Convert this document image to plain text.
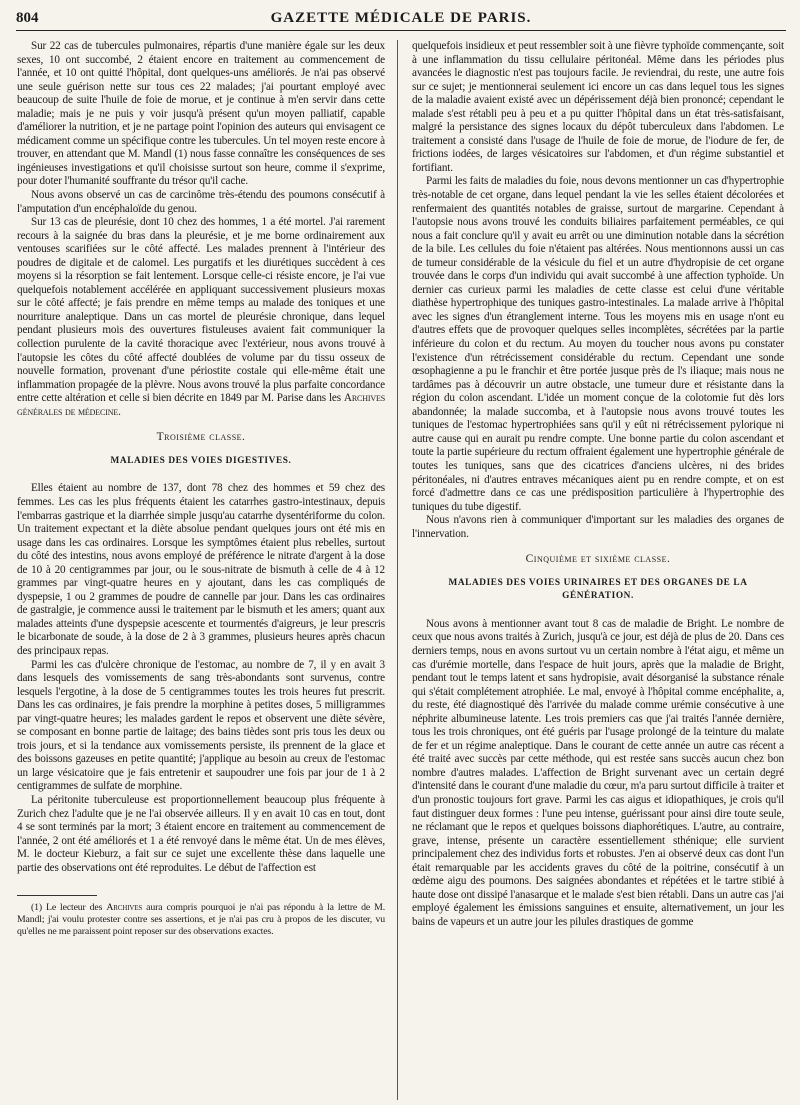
804	GAZETTE MÉDICALE DE PARIS.

Sur 22 cas de tubercules pulmonaires, répartis d'une manière égale sur les deux sexes, 10 ont succombé, 2 étaient encore en traitement au commencement de l'année, et 10 ont quitté l'hôpital, dont quelques-uns améliorés. Je n'ai pas observé une seule guérison nette sur tous ces 22 malades; j'ai pourtant employé avec beaucoup de suite l'huile de foie de morue, et je continue à m'en servir dans cette maladie; mais je ne puis y voir jusqu'à présent qu'un moyen palliatif, capable d'améliorer la nutrition, et je ne partage point l'opinion des auteurs qui envisagent ce médicament comme un spécifique contre les tubercules. Un tel moyen reste encore à trouver, en attendant que M. Mandl (1) nous fasse connaître les conséquences de ses ingénieuses investigations et qu'il choisisse surtout son heure, comme il s'exprime, pour doter l'humanité souffrante du trésor qu'il cache.

Nous avons observé un cas de carcinôme très-étendu des poumons consécutif à l'amputation d'un encéphaloïde du genou.

Sur 13 cas de pleurésie, dont 10 chez des hommes, 1 a été mortel. J'ai rarement recours à la saignée du bras dans la pleurésie, et je me borne ordinairement aux ventouses scarifiées sur le côté affecté. Les malades prennent à l'intérieur des poudres de digitale et de calomel. Les purgatifs et les diurétiques succèdent à ces moyens si la résorption se fait lentement. Lorsque celle-ci résiste encore, je l'ai vue quelquefois notablement accélérée en appliquant successivement plusieurs moxas sur le côté affecté; je fais prendre en même temps au malade des toniques et une nourriture analeptique. Dans un cas mortel de pleurésie chronique, dans lequel pendant plusieurs mois des ouvertures fistuleuses avaient fait communiquer la collection purulente de la cavité thoracique avec l'extérieur, nous avons trouvé à l'autopsie les côtes du côté affecté doublées de volume par du tissu osseux de nouvelle formation, provenant d'une périostite costale qui elle-même était une inflammation propagée de la plèvre. Nous avons trouvé la plus parfaite concordance entre cette altération et celle si bien décrite en 1849 par M. Parise dans les Archives générales de médecine.

Troisième classe.

MALADIES DES VOIES DIGESTIVES.

Elles étaient au nombre de 137, dont 78 chez des hommes et 59 chez des femmes. Les cas les plus fréquents étaient les catarrhes gastro-intestinaux, depuis l'embarras gastrique et la diarrhée simple jusqu'au catarrhe dysentériforme du colon. Un traitement expectant et la diète absolue pendant quelques jours ont été mis en usage dans les cas ordinaires. Lorsque les symptômes étaient plus rebelles, surtout du côté des intestins, nous avons employé de préférence le nitrate d'argent à la dose de 10 à 20 centigrammes par jour, ou le sous-nitrate de bismuth à celle de 4 à 12 grammes par vingt-quatre heures en y ajoutant, dans les cas compliqués de dyspepsie, 1 ou 2 grammes de poudre de cannelle par jour. Dans les cas ordinaires de gastralgie, je commence aussi le traitement par le bismuth et les amers; quant aux malades atteints d'une dyspepsie acescente et tourmentés d'aigreurs, je leur prescris le bicarbonate de soude, à la dose de 2 à 3 grammes, plusieurs heures après chacun des principaux repas.

Parmi les cas d'ulcère chronique de l'estomac, au nombre de 7, il y en avait 3 dans lesquels des vomissements de sang très-abondants sont survenus, contre lesquels l'ergotine, à la dose de 5 centigrammes toutes les trois heures fut prescrit. Dans les cas ordinaires, je fais prendre la morphine à petites doses, 5 milligrammes par vingt-quatre heures; les malades gardent le repos et observent une diète sévère, se composant en bonne partie de laitage; des bains tièdes sont pris tous les deux ou trois jours, et si la tendance aux vomissements persiste, ils prennent de la glace et des boissons gazeuses en petite quantité; j'applique au besoin au creux de l'estomac un large vésicatoire que je fais entretenir et saupoudrer une fois par jour de 1 à 2 centigrammes de sulfate de morphine.

La péritonite tuberculeuse est proportionnellement beaucoup plus fréquente à Zurich chez l'adulte que je ne l'ai observée ailleurs. Il y en avait 10 cas en tout, dont 4 se sont terminés par la mort; 3 étaient encore en traitement au commencement de l'année, 2 ont été améliorés et 1 a été renvoyé dans le même état. Un de mes élèves, M. le docteur Kieburz, a fait sur ce sujet une excellente thèse dans laquelle une partie des observations ont été reproduites. Le début de l'affection est

(1) Le lecteur des Archives aura compris pourquoi je n'ai pas répondu à la lettre de M. Mandl; j'ai voulu protester contre ses assertions, et je n'ai pas cru à propos de les discuter, vu qu'elles ne me paraissent point reposer sur des observations exactes.

quelquefois insidieux et peut ressembler soit à une fièvre typhoïde commençante, soit à une inflammation du tissu cellulaire péritonéal. Même dans les périodes plus avancées le diagnostic n'est pas toujours facile. Je reviendrai, du reste, une autre fois sur ce sujet; je mentionnerai seulement ici encore un cas dans lequel tous les signes de la maladie avaient existé avec un dépérissement déjà bien prononcé; cependant le malade s'est rétabli peu à peu et a pu quitter l'hôpital dans un état très-satisfaisant, malgré la persistance des signes locaux du dépôt tuberculeux dans l'abdomen. Le traitement a consisté dans l'usage de l'huile de foie de morue, de l'iodure de fer, de frictions iodées, de larges vésicatoires sur l'abdomen, et d'un régime substantiel et fortifiant.

Parmi les faits de maladies du foie, nous devons mentionner un cas d'hypertrophie très-notable de cet organe, dans lequel pendant la vie les selles étaient décolorées et renfermaient des quantités notables de graisse, surtout de margarine. Cependant à l'autopsie nous avons trouvé les conduits biliaires parfaitement perméables, ce qui nous a fait conclure qu'il y avait eu arrêt ou une diminution notable dans la sécrétion de la bile. Les cellules du foie n'étaient pas altérées. Nous mentionnons aussi un cas de tumeur considérable de la vésicule du fiel et un autre d'hydropisie de cet organe trouvée dans le corps d'un individu qui avait succombé à une affection typhoïde. Un dernier cas curieux parmi les maladies de cette classe est celui d'une véritable diathèse hypertrophique des tuniques gastro-intestinales. La malade arrive à l'hôpital avec les signes d'un étranglement interne. Tous les moyens mis en usage n'ont eu d'autres effets que de provoquer quelques selles incomplètes, sécrétées par la partie inférieure du colon et du rectum. Au moyen du toucher nous avons pu constater l'existence d'un rétrécissement considérable du rectum. Cependant une sonde œsophagienne a pu le franchir et être portée jusque près de l's iliaque; mais nous ne tardâmes pas à découvrir un autre obstacle, une tumeur dure et résistante dans la région du colon ascendant. L'idée un moment conçue de la colotomie fut dès lors abandonnée; la malade succomba, et à l'autopsie nous avons trouvé toutes les tuniques de l'estomac hypertrophiées sans qu'il y eût ni rétrécissement pylorique ni autre cause qui en aurait pu rendre compte. Une bonne partie du colon ascendant et toute la partie supérieure du rectum offraient également une hypertrophie générale de toutes les tuniques, sans que des cicatrices d'anciens ulcères, ni des brides péritonéales, ni d'autres entraves mécaniques aient pu en rendre compte, et on est forcé d'admettre dans ce cas une prédisposition particulière à l'hypertrophie des tuniques du tube digestif.

Nous n'avons rien à communiquer d'important sur les maladies des organes de l'innervation.

Cinquième et sixième classe.

MALADIES DES VOIES URINAIRES ET DES ORGANES DE LA GÉNÉRATION.

Nous avons à mentionner avant tout 8 cas de maladie de Bright. Le nombre de ceux que nous avons traités à Zurich, jusqu'à ce jour, est déjà de plus de 20. Dans ces derniers temps, nous en avons surtout vu un certain nombre à l'état aigu, et même un cas d'urémie mortelle, dans l'espace de huit jours, après que la maladie de Bright, pendant tout le temps latent et sans hydropisie, avait désorganisé la substance rénale qui s'était complétement atrophiée. Le mal, envoyé à l'hôpital comme encéphalite, a, du reste, été diagnostiqué dès l'arrivée du malade comme urémie consécutive à une néphrite albumineuse latente. Les trois premiers cas que j'ai traités l'année dernière, tous les trois chroniques, ont été guéris par l'usage prolongé de la teinture du malate de fer et un régime analeptique. Dans le courant de cette année un autre cas récent a été traité avec succès par cette méthode, qui est restée sans succès aucun chez bon nombre d'autres malades. L'affection de Bright survenant avec un certain degré d'intensité dans le courant d'une maladie du cœur, m'a paru surtout difficile à traiter et d'un pronostic toujours fort grave. Parmi les cas aigus et idiopathiques, je crois qu'il faut distinguer deux formes : l'une peu intense, guérissant pour ainsi dire toute seule, ne réclamant que le repos et quelques boissons diaphorétiques. L'autre, au contraire, grave, intense, présente un caractère essentiellement sthénique; elle survient principalement chez des individus forts et robustes. J'en ai observé deux cas dont l'un était remarquable par les accidents graves du côté de la poitrine, consécutif à un œdème aigu des poumons. Des saignées abondantes et répétées et le tartre stibié à haute dose ont dissipé l'anasarque et le malade s'est bien rétabli. Dans un autre cas j'ai employé également les émissions sanguines et ensuite, alternativement, un jour les bains de vapeurs et un autre jour les pilules drastiques de gomme
